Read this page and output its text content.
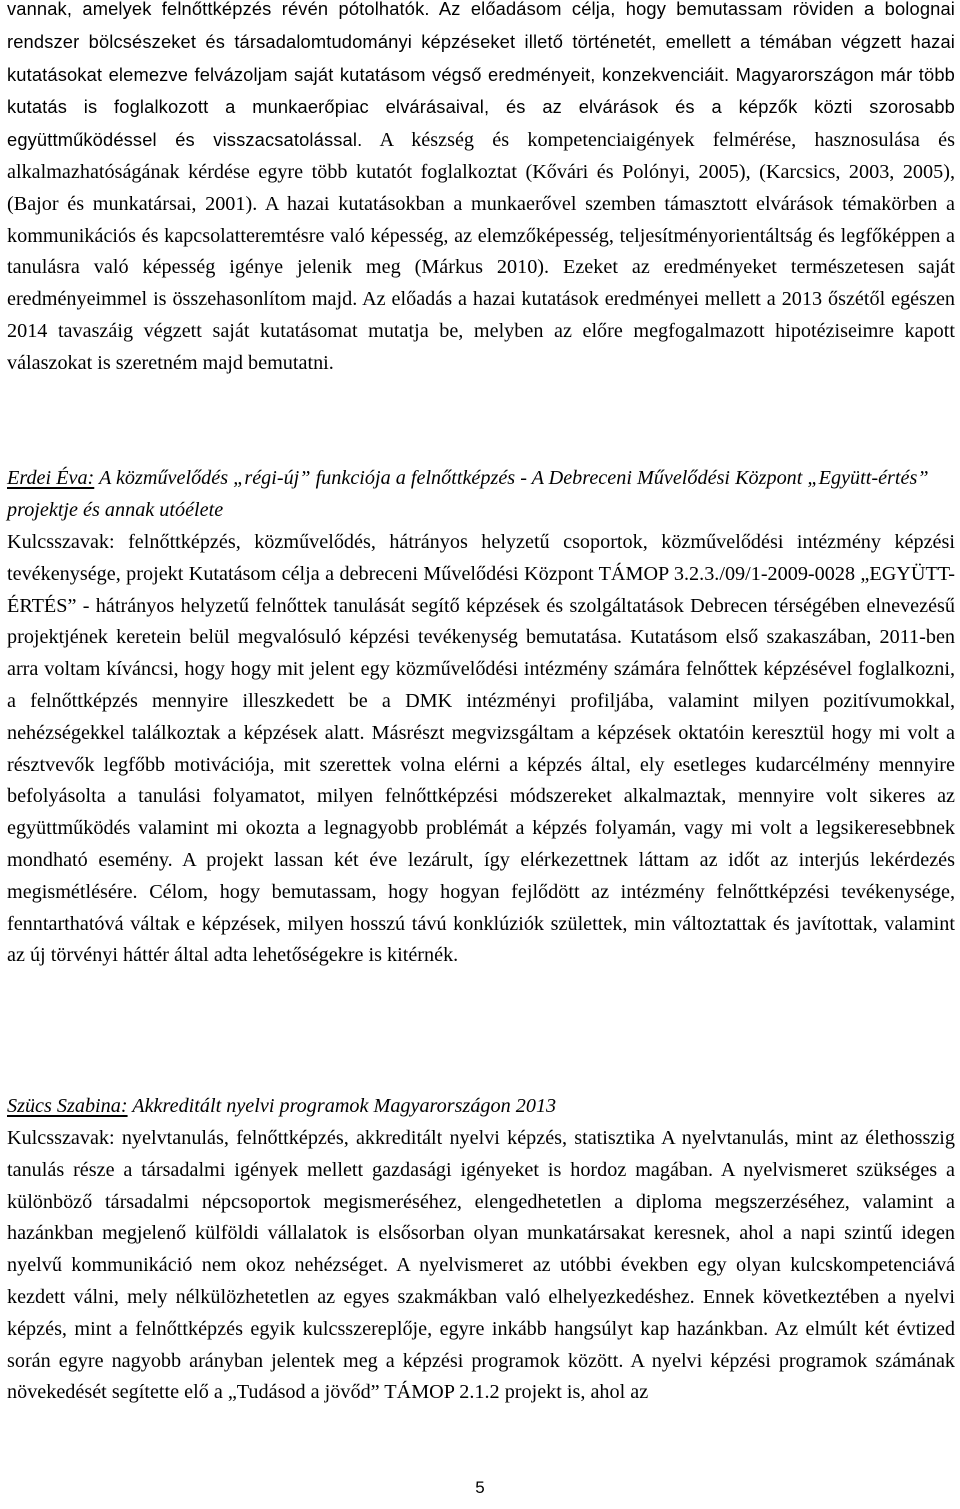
vannak, amelyek felnőttképzés révén pótolhatók. Az előadásom célja, hogy bemutassam röviden a bolognai rendszer bölcsészeket és társadalomtudományi képzéseket illető történetét, emellett a témában végzett hazai kutatásokat elemezve felvázoljam saját kutatásom végső eredményeit, konzekvenciáit. Magyarországon már több kutatás is foglalkozott a munkaerőpiac elvárásaival, és az elvárások és a képzők közti szorosabb együttműködéssel és visszacsatolással. A készség és kompetenciaigények felmérése, hasznosulása és alkalmazhatóságának kérdése egyre több kutatót foglalkoztat (Kővári és Polónyi, 2005), (Karcsics, 2003, 2005), (Bajor és munkatársai, 2001). A hazai kutatásokban a munkaerővel szemben támasztott elvárások témakörben a kommunikációs és kapcsolatteremtésre való képesség, az elemzőképesség, teljesítményorientáltság és legfőképpen a tanulásra való képesség igénye jelenik meg (Márkus 2010). Ezeket az eredményeket természetesen saját eredményeimmel is összehasonlítom majd. Az előadás a hazai kutatások eredményei mellett a 2013 őszétől egészen 2014 tavaszáig végzett saját kutatásomat mutatja be, melyben az előre megfogalmazott hipotéziseimre kapott válaszokat is szeretném majd bemutatni.

Erdei Éva: A közművelődés „régi-új” funkciója a felnőttképzés - A Debreceni Művelődési Központ „Együtt-értés” projektje és annak utóélete

Kulcsszavak: felnőttképzés, közművelődés, hátrányos helyzetű csoportok, közművelődési intézmény képzési tevékenysége, projekt Kutatásom célja a debreceni Művelődési Központ TÁMOP 3.2.3./09/1-2009-0028 „EGYÜTT-ÉRTÉS” - hátrányos helyzetű felnőttek tanulását segítő képzések és szolgáltatások Debrecen térségében elnevezésű projektjének keretein belül megvalósuló képzési tevékenység bemutatása. Kutatásom első szakaszában, 2011-ben arra voltam kíváncsi, hogy hogy mit jelent egy közművelődési intézmény számára felnőttek képzésével foglalkozni, a felnőttképzés mennyire illeszkedett be a DMK intézményi profiljába, valamint milyen pozitívumokkal, nehézségekkel találkoztak a képzések alatt. Másrészt megvizsgáltam a képzések oktatóin keresztül hogy mi volt a résztvevők legfőbb motivációja, mit szerettek volna elérni a képzés által, ely esetleges kudarcélmény mennyire befolyásolta a tanulási folyamatot, milyen felnőttképzési módszereket alkalmaztak, mennyire volt sikeres az együttműködés valamint mi okozta a legnagyobb problémát a képzés folyamán, vagy mi volt a legsikeresebbnek mondható esemény. A projekt lassan két éve lezárult, így elérkezettnek láttam az időt az interjús lekérdezés megismétlésére. Célom, hogy bemutassam, hogy hogyan fejlődött az intézmény felnőttképzési tevékenysége, fenntarthatóvá váltak e képzések, milyen hosszú távú konklúziók születtek, min változtattak és javítottak, valamint az új törvényi háttér által adta lehetőségekre is kitérnék.

Szücs Szabina: Akkreditált nyelvi programok Magyarországon 2013

Kulcsszavak: nyelvtanulás, felnőttképzés, akkreditált nyelvi képzés, statisztika A nyelvtanulás, mint az élethosszig tanulás része a társadalmi igények mellett gazdasági igényeket is hordoz magában. A nyelvismeret szükséges a különböző társadalmi népcsoportok megismeréséhez, elengedhetetlen a diploma megszerzéséhez, valamint a hazánkban megjelenő külföldi vállalatok is elsősorban olyan munkatársakat keresnek, ahol a napi szintű idegen nyelvű kommunikáció nem okoz nehézséget. A nyelvismeret az utóbbi években egy olyan kulcskompetenciává kezdett válni, mely nélkülözhetetlen az egyes szakmákban való elhelyezkedéshez. Ennek következtében a nyelvi képzés, mint a felnőttképzés egyik kulcsszereplője, egyre inkább hangsúlyt kap hazánkban. Az elmúlt két évtized során egyre nagyobb arányban jelentek meg a képzési programok között. A nyelvi képzési programok számának növekedését segítette elő a „Tudásod a jövőd” TÁMOP 2.1.2 projekt is, ahol az

5
